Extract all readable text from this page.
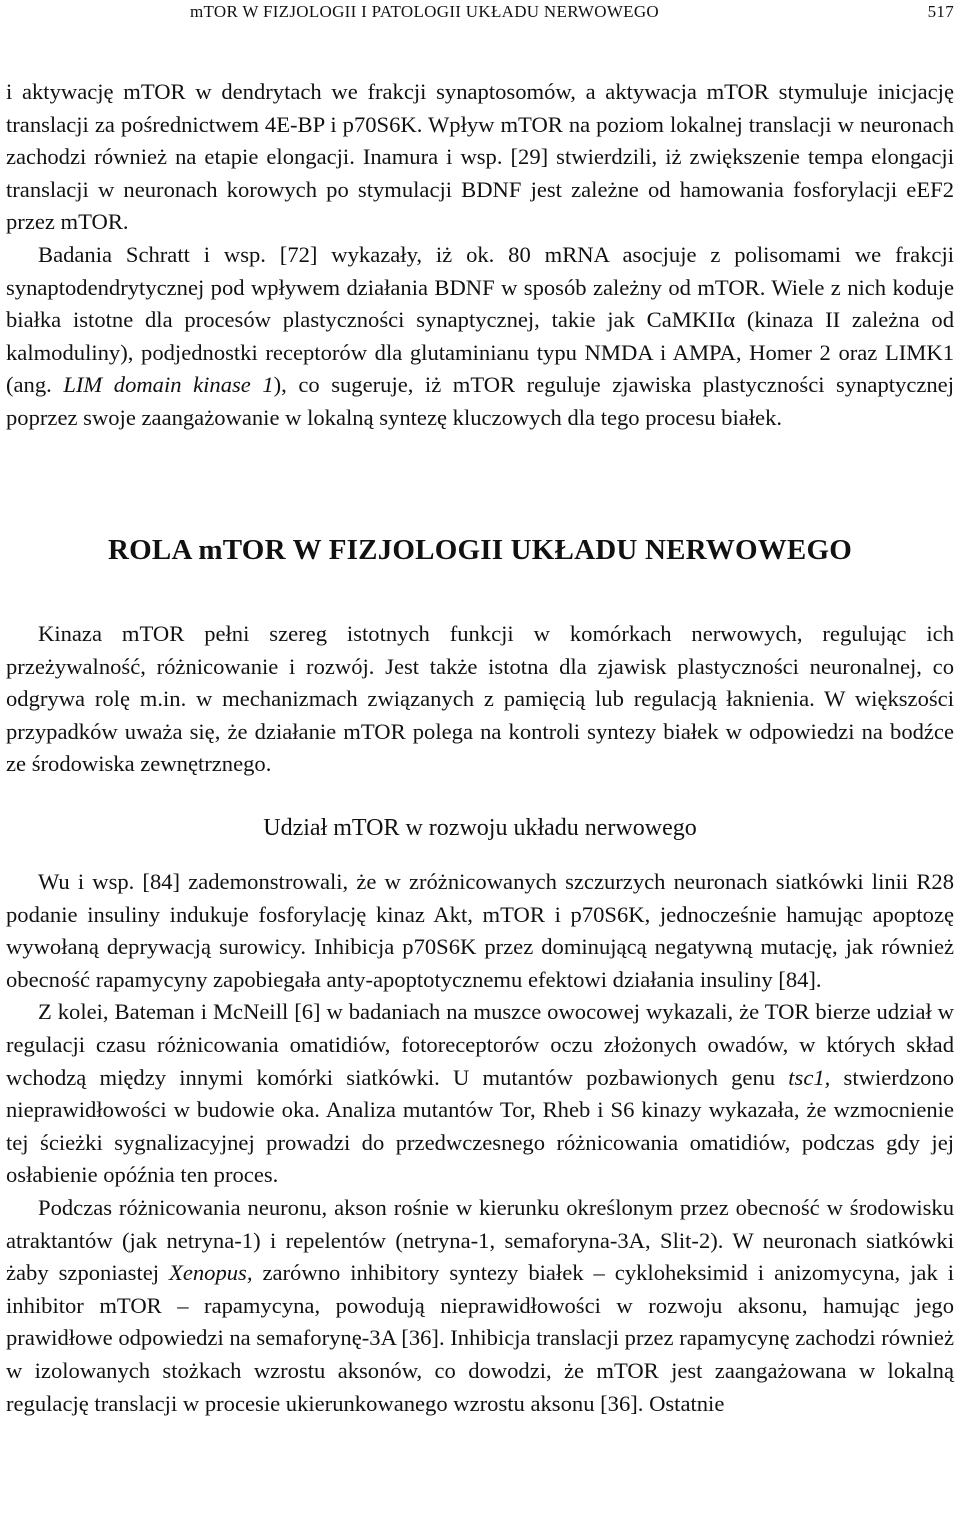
mTOR W FIZJOLOGII I PATOLOGII UKŁADU NERWOWEGO	517

i aktywację mTOR w dendrytach we frakcji synaptosomów, a aktywacja mTOR stymuluje inicjację translacji za pośrednictwem 4E-BP i p70S6K. Wpływ mTOR na poziom lokalnej translacji w neuronach zachodzi również na etapie elongacji. Inamura i wsp. [29] stwierdzili, iż zwiększenie tempa elongacji translacji w neuronach korowych po stymulacji BDNF jest zależne od hamowania fosforylacji eEF2 przez mTOR.

Badania Schratt i wsp. [72] wykazały, iż ok. 80 mRNA asocjuje z polisomami we frakcji synaptodendrytycznej pod wpływem działania BDNF w sposób zależny od mTOR. Wiele z nich koduje białka istotne dla procesów plastyczności synaptycznej, takie jak CaMKIIα (kinaza II zależna od kalmoduliny), podjednostki receptorów dla glutaminianu typu NMDA i AMPA, Homer 2 oraz LIMK1 (ang. LIM domain kinase 1), co sugeruje, iż mTOR reguluje zjawiska plastyczności synaptycznej poprzez swoje zaangażowanie w lokalną syntezę kluczowych dla tego procesu białek.

ROLA mTOR W FIZJOLOGII UKŁADU NERWOWEGO

Kinaza mTOR pełni szereg istotnych funkcji w komórkach nerwowych, regulując ich przeżywalność, różnicowanie i rozwój. Jest także istotna dla zjawisk plastyczności neuronalnej, co odgrywa rolę m.in. w mechanizmach związanych z pamięcią lub regulacją łaknienia. W większości przypadków uważa się, że działanie mTOR polega na kontroli syntezy białek w odpowiedzi na bodźce ze środowiska zewnętrznego.

Udział mTOR w rozwoju układu nerwowego

Wu i wsp. [84] zademonstrowali, że w zróżnicowanych szczurzych neuronach siatkówki linii R28 podanie insuliny indukuje fosforylację kinaz Akt, mTOR i p70S6K, jednocześnie hamując apoptozę wywołaną deprywacją surowicy. Inhibicja p70S6K przez dominującą negatywną mutację, jak również obecność rapamycyny zapobiegała anty-apoptotycznemu efektowi działania insuliny [84].

Z kolei, Bateman i McNeill [6] w badaniach na muszce owocowej wykazali, że TOR bierze udział w regulacji czasu różnicowania omatidiów, fotoreceptorów oczu złożonych owadów, w których skład wchodzą między innymi komórki siatkówki. U mutantów pozbawionych genu tsc1, stwierdzono nieprawidłowości w budowie oka. Analiza mutantów Tor, Rheb i S6 kinazy wykazała, że wzmocnienie tej ścieżki sygnalizacyjnej prowadzi do przedwczesnego różnicowania omatidiów, podczas gdy jej osłabienie opóźnia ten proces.

Podczas różnicowania neuronu, akson rośnie w kierunku określonym przez obecność w środowisku atraktantów (jak netryna-1) i repelentów (netryna-1, semaforyna-3A, Slit-2). W neuronach siatkówki żaby szponiastej Xenopus, zarówno inhibitory syntezy białek – cykloheksimid i anizomycyna, jak i inhibitor mTOR – rapamycyna, powodują nieprawidłowości w rozwoju aksonu, hamując jego prawidłowe odpowiedzi na semaforynę-3A [36]. Inhibicja translacji przez rapamycynę zachodzi również w izolowanych stożkach wzrostu aksonów, co dowodzi, że mTOR jest zaangażowana w lokalną regulację translacji w procesie ukierunkowanego wzrostu aksonu [36]. Ostatnie
